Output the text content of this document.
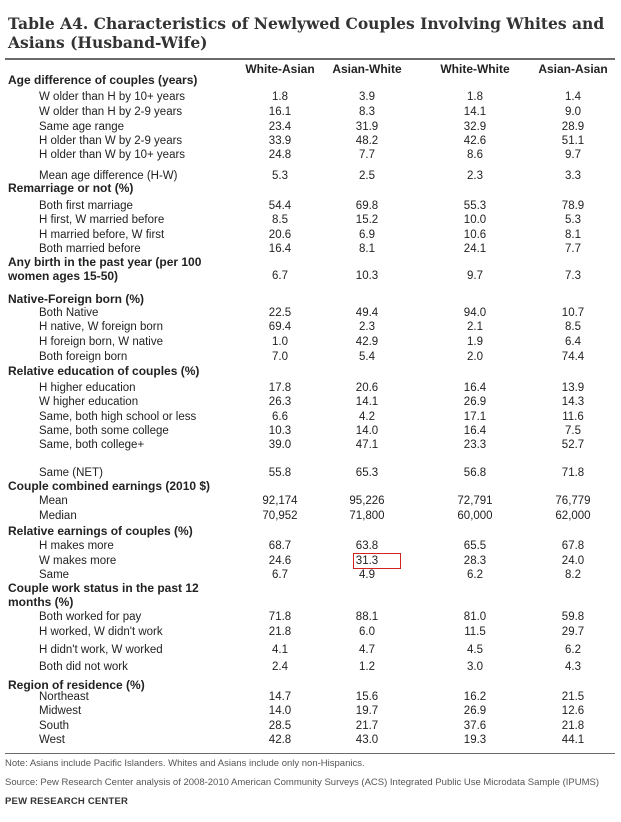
Table A4. Characteristics of Newlywed Couples Involving Whites and
Asians (Husband-Wife)
White-Asian	Asian-White	White-White	Asian-Asian
Age difference of couples (years)
W older than H by 10+ years	1.8	3.9	1.8	1.4
W older than H by 2-9 years	16.1	8.3	14.1	9.0
Same age range	23.4	31.9	32.9	28.9
H older than W by 2-9 years	33.9	48.2	42.6	51.1
H older than W by 10+ years	24.8	7.7	8.6	9.7
Mean age difference (H-W)	5.3	2.5	2.3	3.3
Remarriage or not (%)
Both first marriage	54.4	69.8	55.3	78.9
H first, W married before	8.5	15.2	10.0	5.3
H married before, W first	20.6	6.9	10.6	8.1
Both married before	16.4	8.1	24.1	7.7
Any birth in the past year (per 100
women ages 15-50)	6.7	10.3	9.7	7.3
Native-Foreign born (%)
Both Native	22.5	49.4	94.0	10.7
H native, W foreign born	69.4	2.3	2.1	8.5
H foreign born, W native	1.0	42.9	1.9	6.4
Both foreign born	7.0	5.4	2.0	74.4
Relative education of couples (%)
H higher education	17.8	20.6	16.4	13.9
W higher education	26.3	14.1	26.9	14.3
Same, both high school or less	6.6	4.2	17.1	11.6
Same, both some college	10.3	14.0	16.4	7.5
Same, both college+	39.0	47.1	23.3	52.7
Same (NET)	55.8	65.3	56.8	71.8
Couple combined earnings (2010 $)
Mean	92,174	95,226	72,791	76,779
Median	70,952	71,800	60,000	62,000
Relative earnings of couples (%)
H makes more	68.7	63.8	65.5	67.8
W makes more	24.6	31.3	28.3	24.0
Same	6.7	4.9	6.2	8.2
Couple work status in the past 12
months (%)
Both worked for pay	71.8	88.1	81.0	59.8
H worked, W didn't work	21.8	6.0	11.5	29.7
H didn't work, W worked	4.1	4.7	4.5	6.2
Both did not work	2.4	1.2	3.0	4.3
Region of residence (%)
Northeast	14.7	15.6	16.2	21.5
Midwest	14.0	19.7	26.9	12.6
South	28.5	21.7	37.6	21.8
West	42.8	43.0	19.3	44.1
Note: Asians include Pacific Islanders. Whites and Asians include only non-Hispanics.
Source: Pew Research Center analysis of 2008-2010 American Community Surveys (ACS) Integrated Public Use Microdata Sample (IPUMS)
PEW RESEARCH CENTER
